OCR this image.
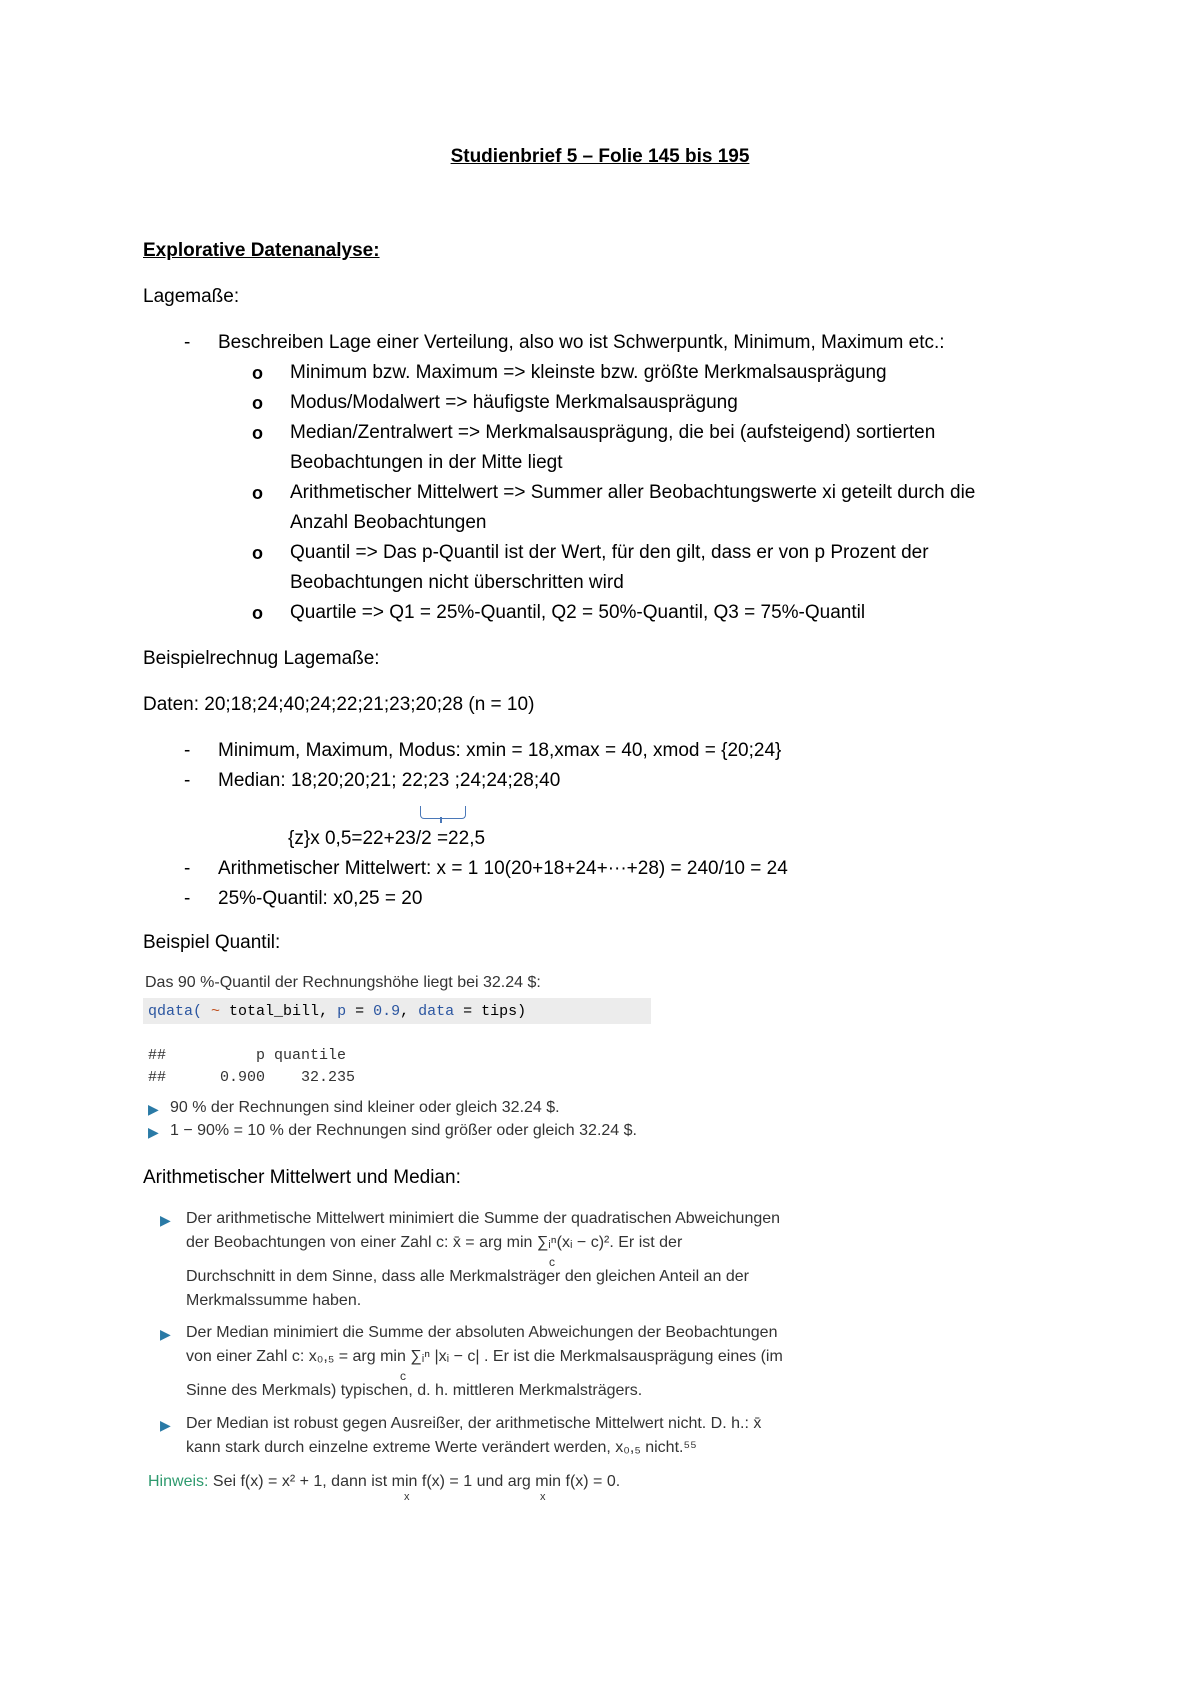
Studienbrief 5 – Folie 145 bis 195
Explorative Datenanalyse:
Lagemaße:
- Beschreiben Lage einer Verteilung, also wo ist Schwerpuntk, Minimum, Maximum etc.:
o Minimum bzw. Maximum => kleinste bzw. größte Merkmalsausprägung
o Modus/Modalwert => häufigste Merkmalsausprägung
o Median/Zentralwert => Merkmalsausprägung, die bei (aufsteigend) sortierten
Beobachtungen in der Mitte liegt
o Arithmetischer Mittelwert => Summer aller Beobachtungswerte xi geteilt durch die
Anzahl Beobachtungen
o Quantil => Das p-Quantil ist der Wert, für den gilt, dass er von p Prozent der
Beobachtungen nicht überschritten wird
o Quartile => Q1 = 25%-Quantil, Q2 = 50%-Quantil, Q3 = 75%-Quantil
Beispielrechnug Lagemaße:
Daten: 20;18;24;40;24;22;21;23;20;28 (n = 10)
- Minimum, Maximum, Modus: xmin = 18,xmax = 40, xmod = {20;24}
- Median: 18;20;20;21; 22;23 ;24;24;28;40
{z}x 0,5=22+23/2 =22,5
- Arithmetischer Mittelwert: x = 1 10(20+18+24+···+28) = 240/10 = 24
- 25%-Quantil: x0,25 = 20
Beispiel Quantil:
Das 90 %-Quantil der Rechnungshöhe liegt bei 32.24 $:
qdata( ~ total_bill, p = 0.9, data = tips)
##          p quantile
##      0.900    32.235
▶ 90 % der Rechnungen sind kleiner oder gleich 32.24 $.
▶ 1 − 90% = 10 % der Rechnungen sind größer oder gleich 32.24 $.
Arithmetischer Mittelwert und Median:
▶ Der arithmetische Mittelwert minimiert die Summe der quadratischen Abweichungen
der Beobachtungen von einer Zahl c: x̄ = arg min ∑ᵢⁿ(xᵢ − c)². Er ist der
c
Durchschnitt in dem Sinne, dass alle Merkmalsträger den gleichen Anteil an der
Merkmalssumme haben.
▶ Der Median minimiert die Summe der absoluten Abweichungen der Beobachtungen
von einer Zahl c: x₀,₅ = arg min ∑ᵢⁿ |xᵢ − c| . Er ist die Merkmalsausprägung eines (im
c
Sinne des Merkmals) typischen, d. h. mittleren Merkmalsträgers.
▶ Der Median ist robust gegen Ausreißer, der arithmetische Mittelwert nicht. D. h.: x̄
kann stark durch einzelne extreme Werte verändert werden, x₀,₅ nicht.⁵⁵
Hinweis: Sei f(x) = x² + 1, dann ist min f(x) = 1 und arg min f(x) = 0.
x	x
